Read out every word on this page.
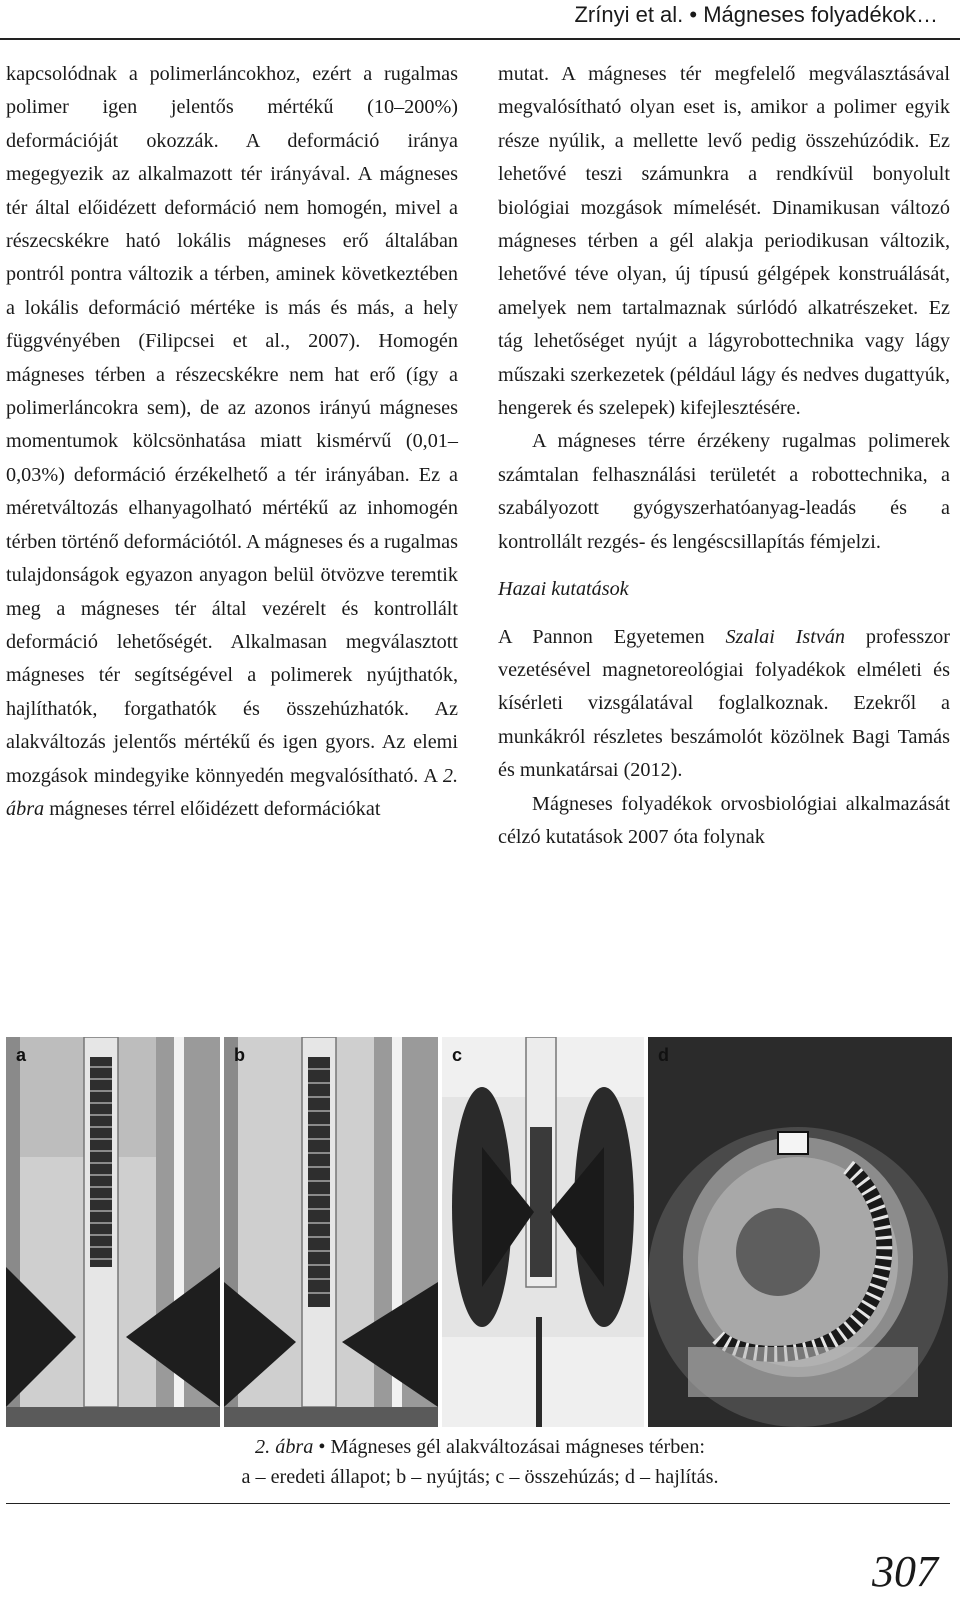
Zrínyi et al. • Mágneses folyadékok…

kapcsolódnak a polimerláncokhoz, ezért a rugalmas polimer igen jelentős mértékű (10–200%) deformációját okozzák. A deformáció iránya megegyezik az alkalmazott tér irányával. A mágneses tér által előidézett deformáció nem homogén, mivel a részecskékre ható lokális mágneses erő általában pontról pontra változik a térben, aminek következtében a lokális deformáció mértéke is más és más, a hely függvényében (Filipcsei et al., 2007). Homogén mágneses térben a részecskékre nem hat erő (így a polimerláncokra sem), de az azonos irányú mágneses momentumok kölcsönhatása miatt kismérvű (0,01–0,03%) deformáció érzékelhető a tér irányában. Ez a méretváltozás elhanyagolható mértékű az inhomogén térben történő deformációtól. A mágneses és a rugalmas tulajdonságok egyazon anyagon belül ötvözve teremtik meg a mágneses tér által vezérelt és kontrollált deformáció lehetőségét. Alkalmasan megválasztott mágneses tér segítségével a polimerek nyújthatók, hajlíthatók, forgathatók és összehúzhatók. Az alakváltozás jelentős mértékű és igen gyors. Az elemi mozgások mindegyike könnyedén megvalósítható. A 2. ábra mágneses térrel előidézett deformációkat

mutat. A mágneses tér megfelelő megválasztásával megvalósítható olyan eset is, amikor a polimer egyik része nyúlik, a mellette levő pedig összehúzódik. Ez lehetővé teszi számunkra a rendkívül bonyolult biológiai mozgások mímelését. Dinamikusan változó mágneses térben a gél alakja periodikusan változik, lehetővé téve olyan, új típusú gélgépek konstruálását, amelyek nem tartalmaznak súrlódó alkatrészeket. Ez tág lehetőséget nyújt a lágyrobottechnika vagy lágy műszaki szerkezetek (például lágy és nedves dugattyúk, hengerek és szelepek) kifejlesztésére.

A mágneses térre érzékeny rugalmas polimerek számtalan felhasználási területét a robottechnika, a szabályozott gyógyszerhatóanyag-leadás és a kontrollált rezgés- és lengéscsillapítás fémjelzi.

Hazai kutatások

A Pannon Egyetemen Szalai István professzor vezetésével magnetoreológiai folyadékok elméleti és kísérleti vizsgálatával foglalkoznak. Ezekről a munkákról részletes beszámolót közölnek Bagi Tamás és munkatársai (2012).

Mágneses folyadékok orvosbiológiai alkalmazását célzó kutatások 2007 óta folynak

a	b	c	d
2. ábra • Mágneses gél alakváltozásai mágneses térben:
a – eredeti állapot; b – nyújtás; c – összehúzás; d – hajlítás.
307
